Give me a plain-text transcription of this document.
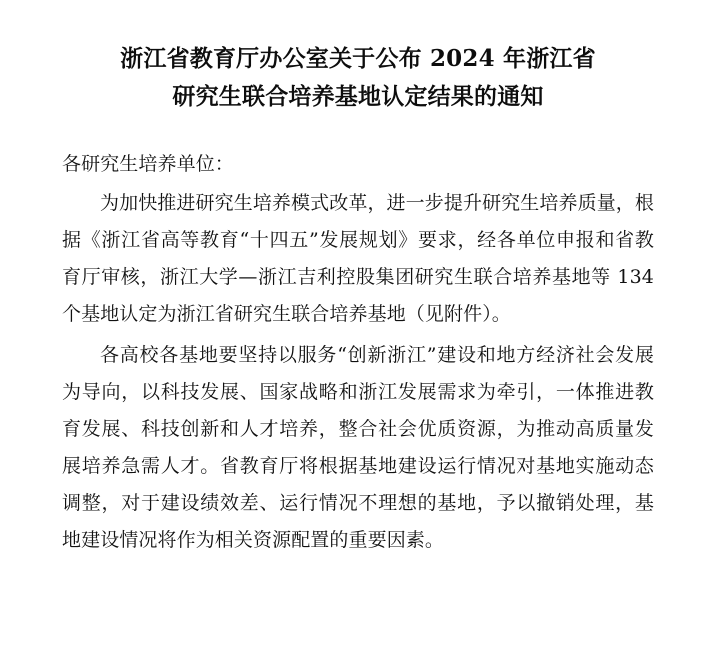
浙江省教育厅办公室关于公布 2024 年浙江省
研究生联合培养基地认定结果的通知

各研究生培养单位：

为加快推进研究生培养模式改革，进一步提升研究生培养质量，根据《浙江省高等教育“十四五”发展规划》要求，经各单位申报和省教育厅审核，浙江大学—浙江吉利控股集团研究生联合培养基地等 134 个基地认定为浙江省研究生联合培养基地（见附件）。

各高校各基地要坚持以服务“创新浙江”建设和地方经济社会发展为导向，以科技发展、国家战略和浙江发展需求为牵引，一体推进教育发展、科技创新和人才培养，整合社会优质资源，为推动高质量发展培养急需人才。省教育厅将根据基地建设运行情况对基地实施动态调整，对于建设绩效差、运行情况不理想的基地，予以撤销处理，基地建设情况将作为相关资源配置的重要因素。
